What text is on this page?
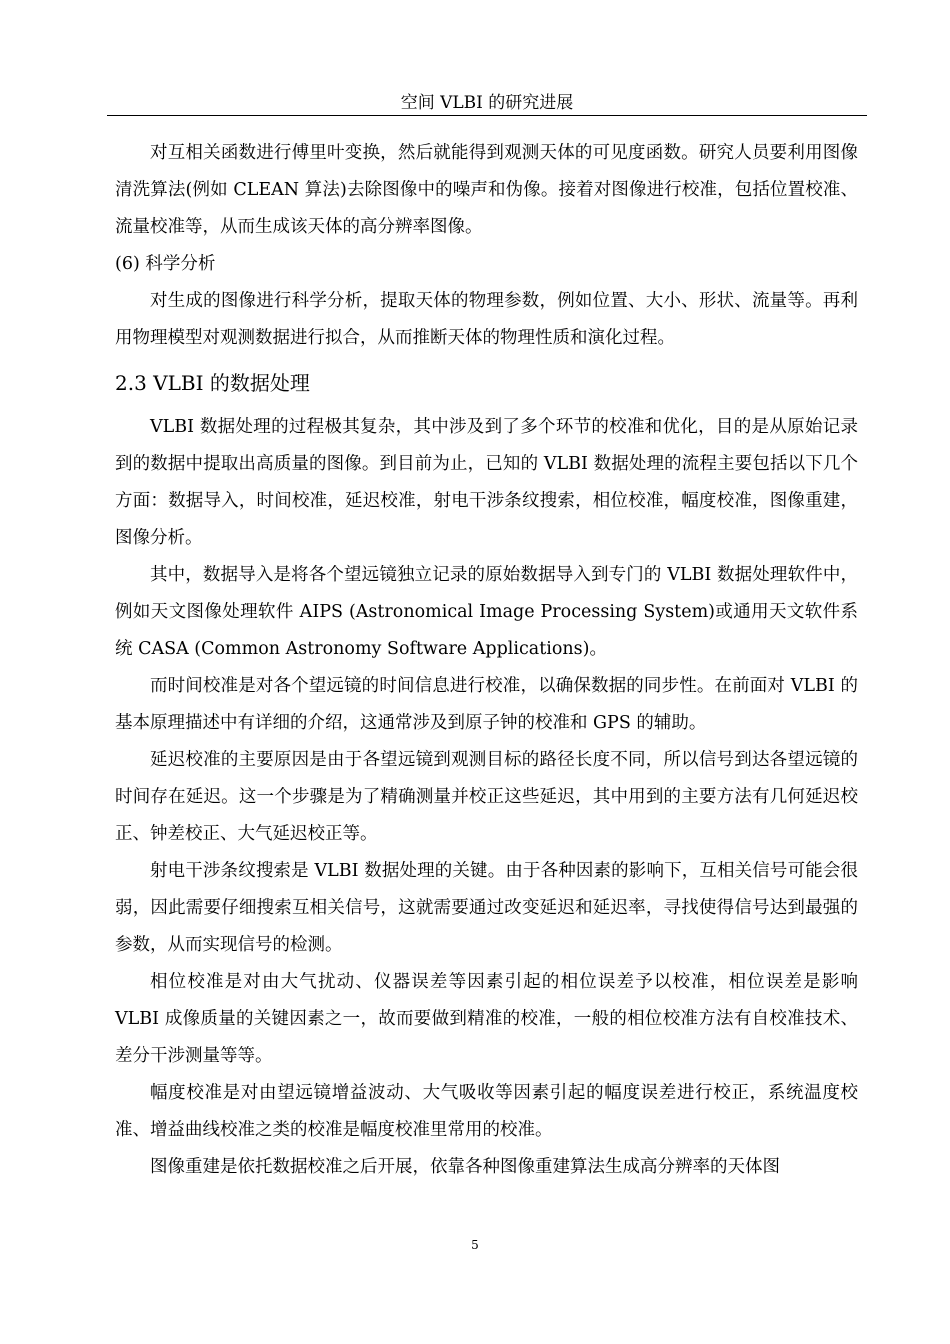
空间 VLBI 的研究进展

对互相关函数进行傅里叶变换，然后就能得到观测天体的可见度函数。研究人员要利用图像清洗算法(例如 CLEAN 算法)去除图像中的噪声和伪像。接着对图像进行校准，包括位置校准、流量校准等，从而生成该天体的高分辨率图像。

(6) 科学分析

对生成的图像进行科学分析，提取天体的物理参数，例如位置、大小、形状、流量等。再利用物理模型对观测数据进行拟合，从而推断天体的物理性质和演化过程。

2.3 VLBI 的数据处理

VLBI 数据处理的过程极其复杂，其中涉及到了多个环节的校准和优化，目的是从原始记录到的数据中提取出高质量的图像。到目前为止，已知的 VLBI 数据处理的流程主要包括以下几个方面：数据导入，时间校准，延迟校准，射电干涉条纹搜索，相位校准，幅度校准，图像重建，图像分析。

其中，数据导入是将各个望远镜独立记录的原始数据导入到专门的 VLBI 数据处理软件中，例如天文图像处理软件 AIPS (Astronomical Image Processing System)或通用天文软件系统 CASA (Common Astronomy Software Applications)。

而时间校准是对各个望远镜的时间信息进行校准，以确保数据的同步性。在前面对 VLBI 的基本原理描述中有详细的介绍，这通常涉及到原子钟的校准和 GPS 的辅助。

延迟校准的主要原因是由于各望远镜到观测目标的路径长度不同，所以信号到达各望远镜的时间存在延迟。这一个步骤是为了精确测量并校正这些延迟，其中用到的主要方法有几何延迟校正、钟差校正、大气延迟校正等。

射电干涉条纹搜索是 VLBI 数据处理的关键。由于各种因素的影响下，互相关信号可能会很弱，因此需要仔细搜索互相关信号，这就需要通过改变延迟和延迟率，寻找使得信号达到最强的参数，从而实现信号的检测。

相位校准是对由大气扰动、仪器误差等因素引起的相位误差予以校准，相位误差是影响 VLBI 成像质量的关键因素之一，故而要做到精准的校准，一般的相位校准方法有自校准技术、差分干涉测量等等。

幅度校准是对由望远镜增益波动、大气吸收等因素引起的幅度误差进行校正，系统温度校准、增益曲线校准之类的校准是幅度校准里常用的校准。

图像重建是依托数据校准之后开展，依靠各种图像重建算法生成高分辨率的天体图

5
